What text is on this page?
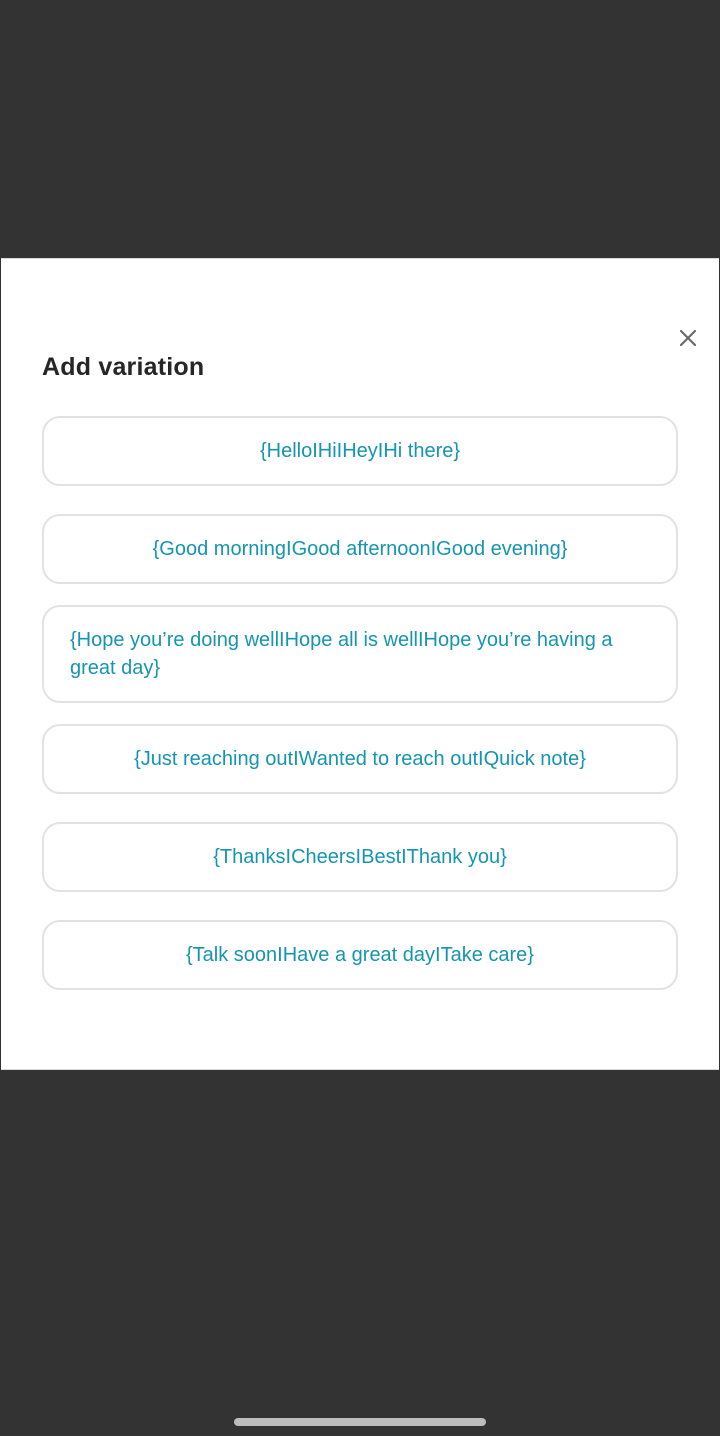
Add variation
{HelloIHiIHeyIHi there}
{Good morningIGood afternoonIGood evening}
{Hope you’re doing wellIHope all is wellIHope you’re having a great day}
{Just reaching outIWanted to reach outIQuick note}
{ThanksICheersIBestIThank you}
{Talk soonIHave a great dayITake care}
